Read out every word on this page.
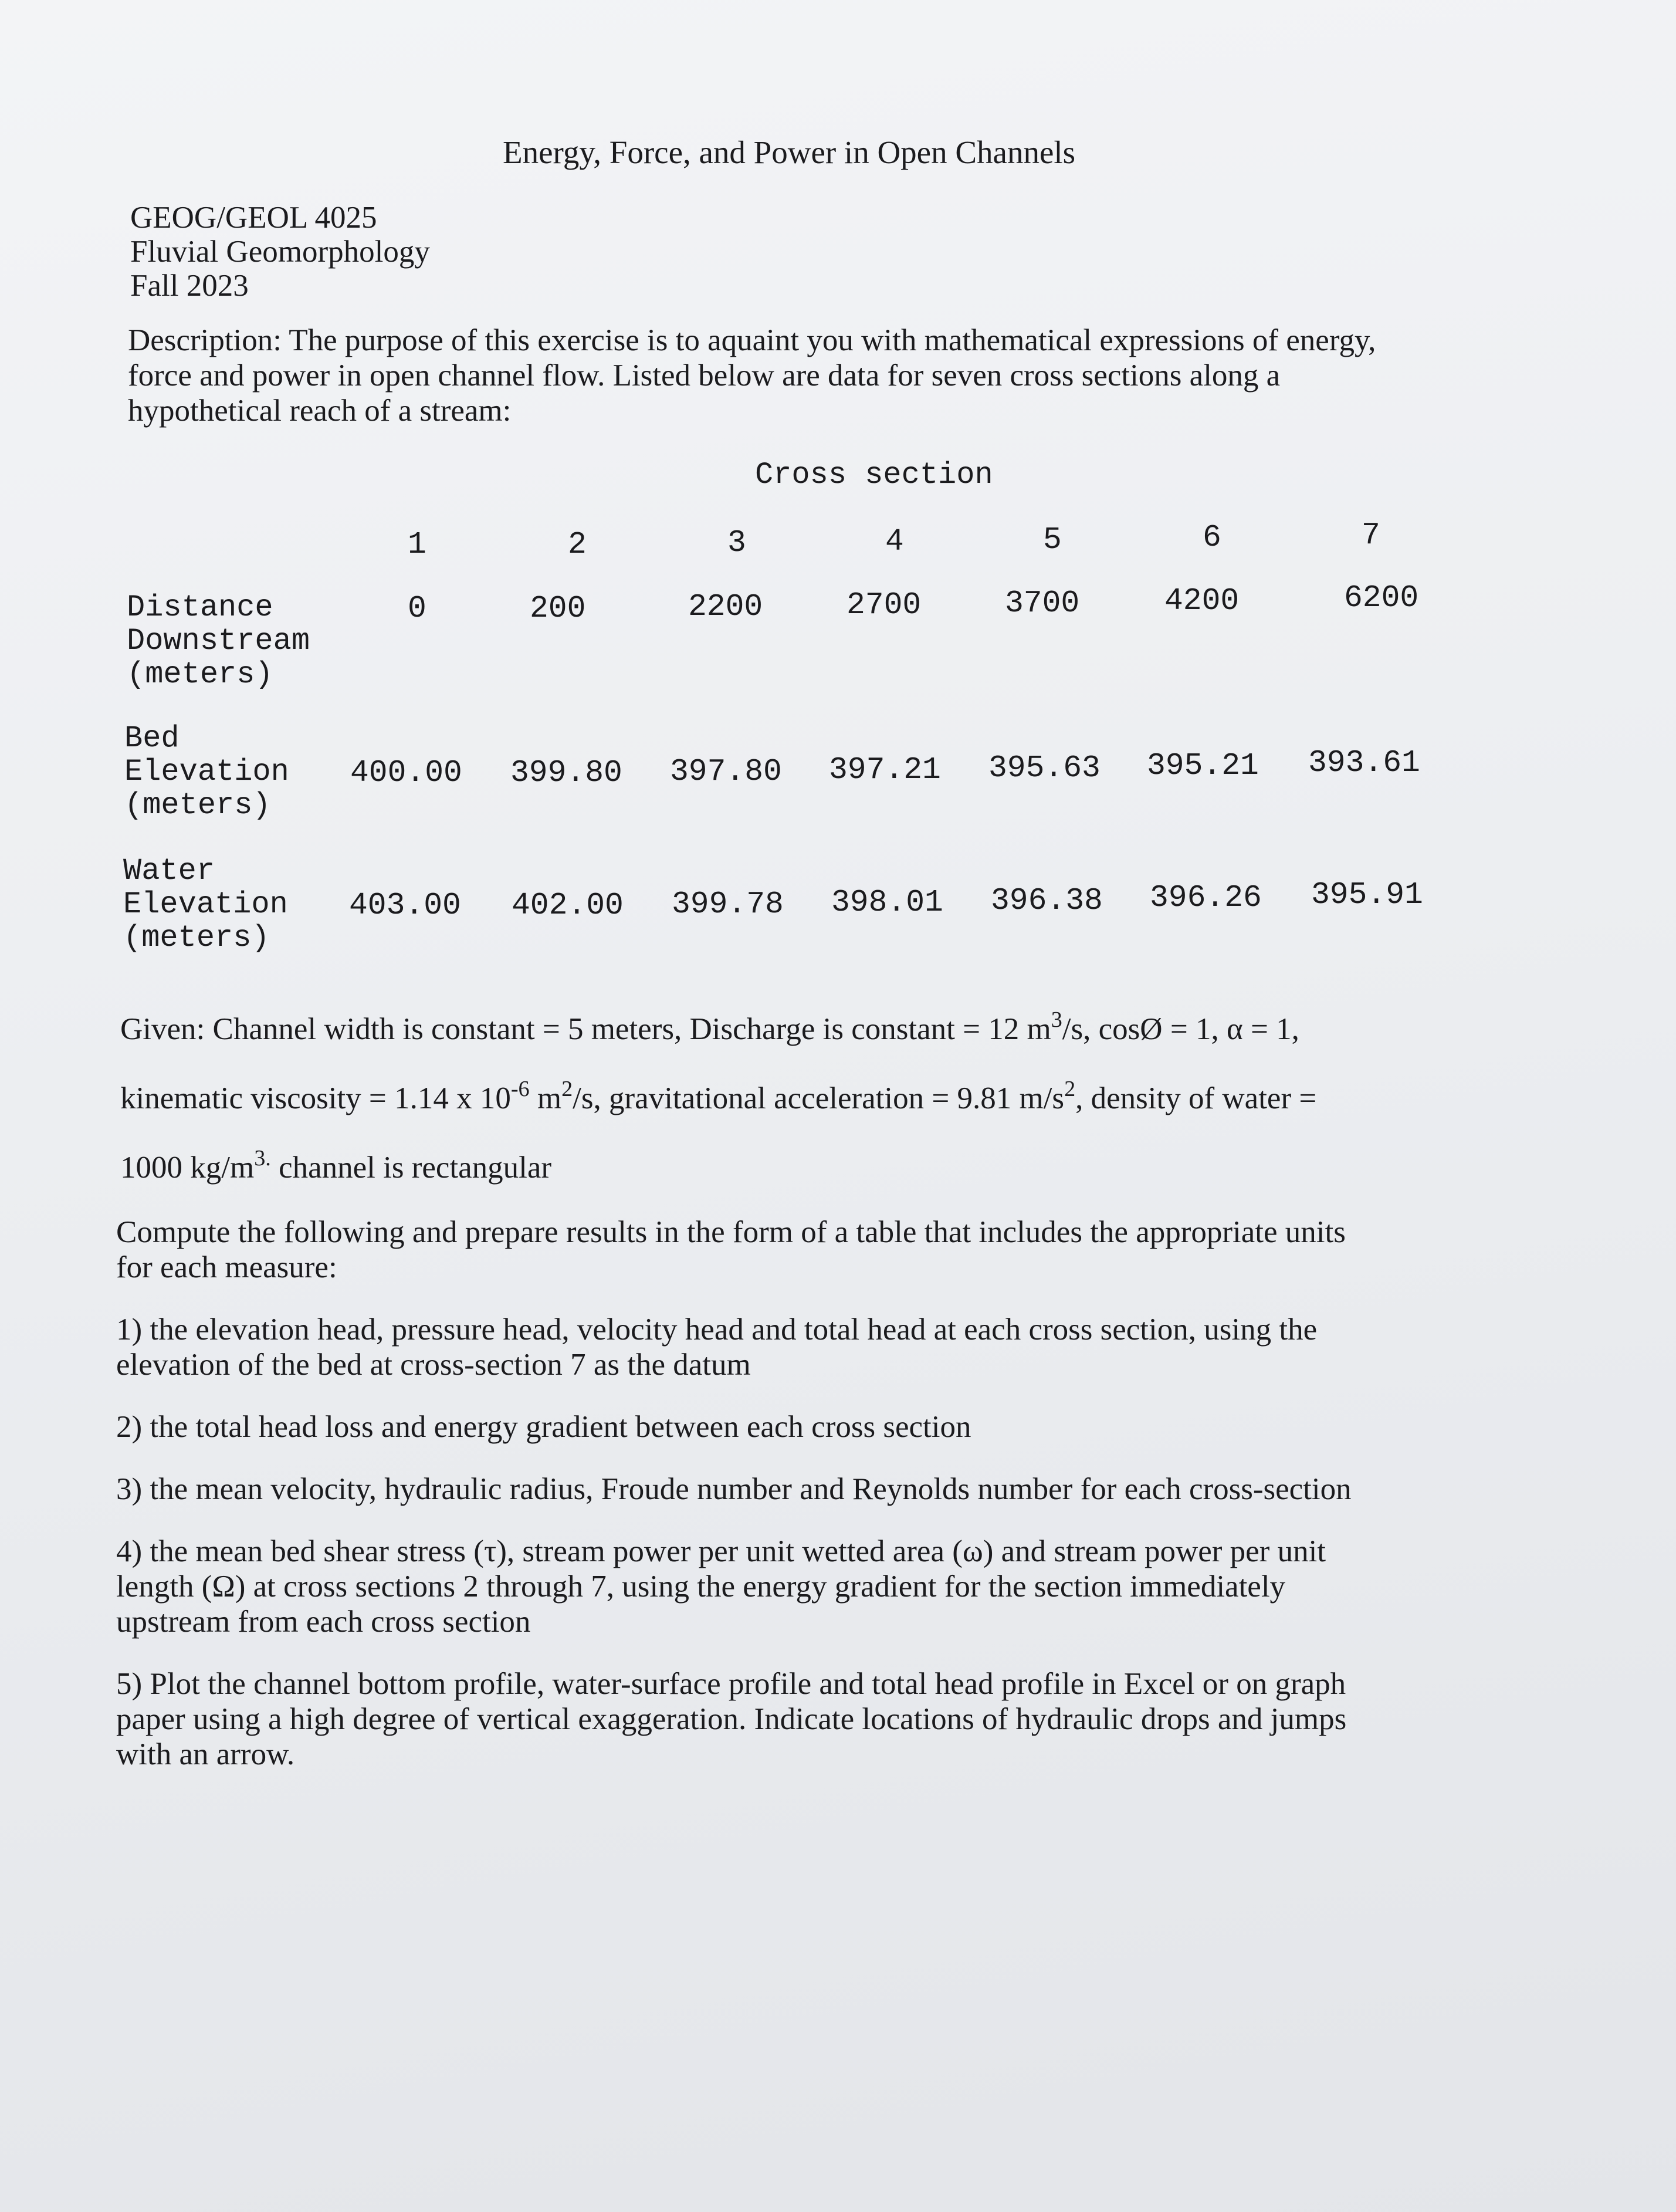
Energy, Force, and Power in Open Channels
GEOG/GEOL 4025
Fluvial Geomorphology
Fall 2023
Description: The purpose of this exercise is to aquaint you with mathematical expressions of energy,
force and power in open channel flow. Listed below are data for seven cross sections along a
hypothetical reach of a stream:
Cross section
1	2	3	4	5	6	7
Distance
Downstream
(meters)
0	200	2200	2700	3700	4200	6200
Bed
Elevation
(meters)
400.00 399.80 397.80 397.21 395.63 395.21 393.61
Water
Elevation
(meters)
403.00 402.00 399.78 398.01 396.38 396.26 395.91
Given: Channel width is constant = 5 meters, Discharge is constant = 12 $m^3/s$, cosØ = 1, α = 1,
kinematic viscosity = 1.14 x $10^{-6}$ $m^2/s$, gravitational acceleration = 9.81 $m/s^2$, density of water =
1000 $kg/m^{3.}$ channel is rectangular
Compute the following and prepare results in the form of a table that includes the appropriate units
for each measure:
1) the elevation head, pressure head, velocity head and total head at each cross section, using the
elevation of the bed at cross-section 7 as the datum
2) the total head loss and energy gradient between each cross section
3) the mean velocity, hydraulic radius, Froude number and Reynolds number for each cross-section
4) the mean bed shear stress (τ), stream power per unit wetted area (ω) and stream power per unit
length (Ω) at cross sections 2 through 7, using the energy gradient for the section immediately
upstream from each cross section
5) Plot the channel bottom profile, water-surface profile and total head profile in Excel or on graph
paper using a high degree of vertical exaggeration. Indicate locations of hydraulic drops and jumps
with an arrow.
